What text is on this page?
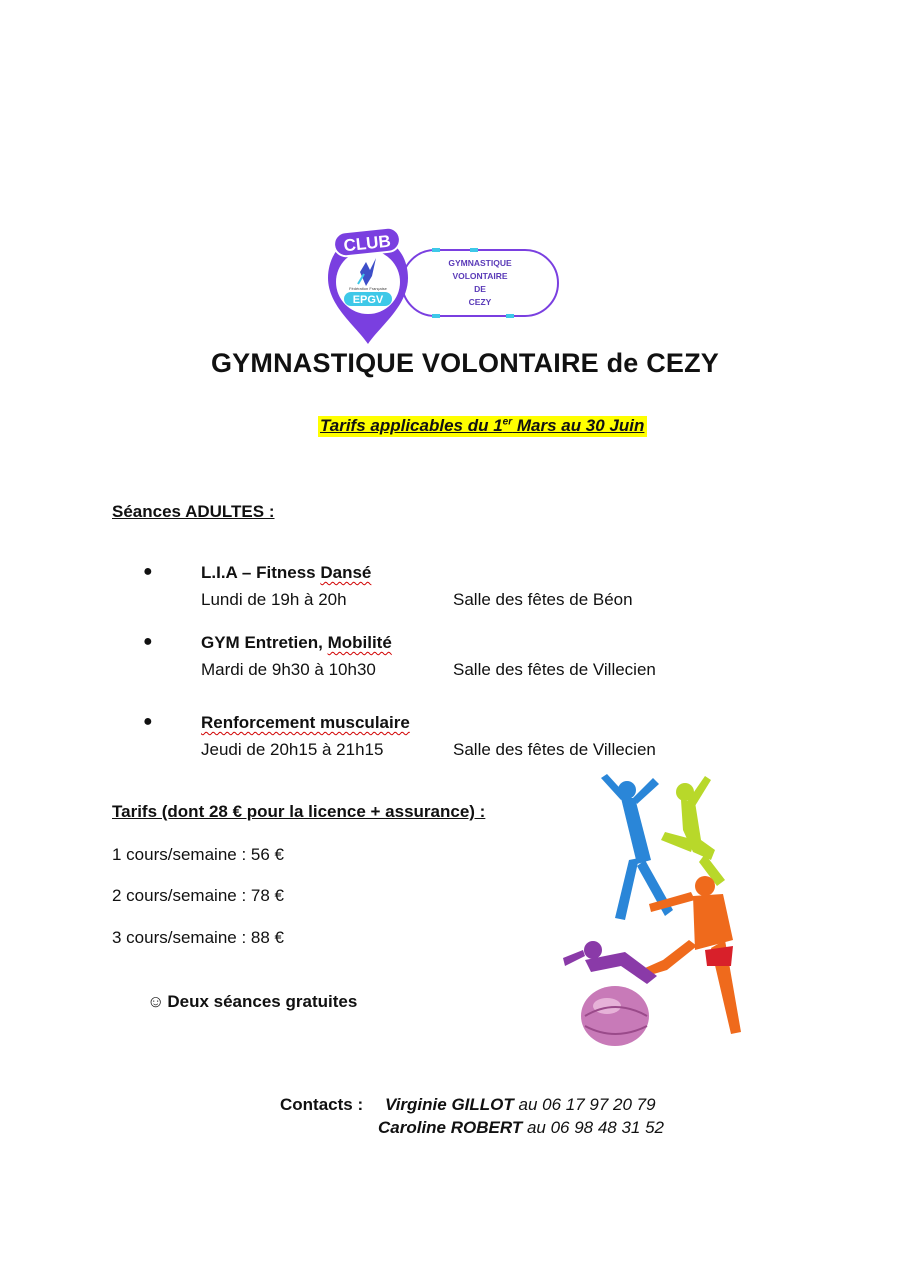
EPGV
Fédération Française
CLUB
GYMNASTIQUE
VOLONTAIRE
DE
CEZY
GYMNASTIQUE VOLONTAIRE de CEZY
Tarifs applicables du 1er Mars au 30 Juin
Séances ADULTES :
●	L.I.A – Fitness Dansé
Lundi de 19h à 20h	Salle des fêtes de Béon
●	GYM Entretien, Mobilité
Mardi de 9h30 à 10h30	Salle des fêtes de Villecien
●	Renforcement musculaire
Jeudi de 20h15 à 21h15	Salle des fêtes de Villecien
Tarifs (dont 28 € pour la licence + assurance) :
1 cours/semaine : 56 €
2 cours/semaine : 78 €
3 cours/semaine : 88 €
☺ Deux séances gratuites
Contacts : Virginie GILLOT au 06 17 97 20 79
Caroline ROBERT au 06 98 48 31 52
